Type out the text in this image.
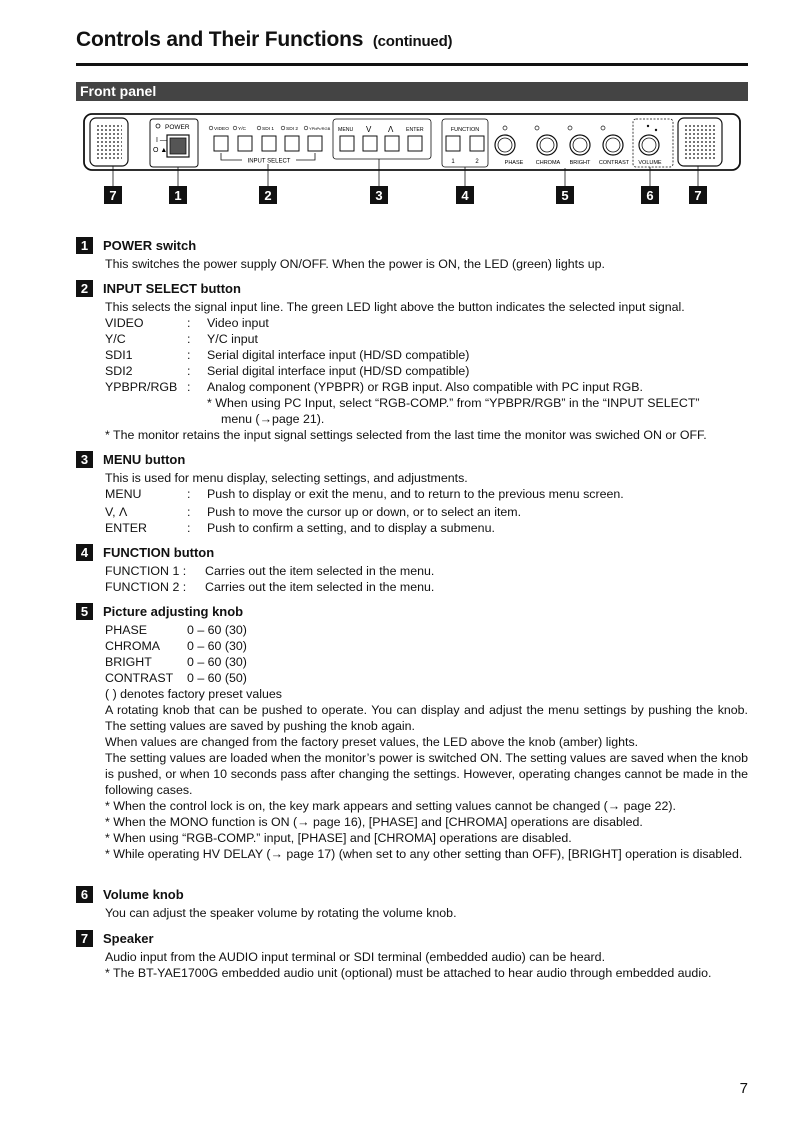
Controls and Their Functions (continued)
Front panel
POWER
I —
O ▲
VIDEO Y/C	SDI 1	SDI 2	YPbPr/RGB
INPUT SELECT
MENU V Λ ENTER	FUNCTION
1	2	PHASE CHROMA BRIGHT CONTRAST VOLUME
7	1	2	3	4	5	6	7
1 POWER switch
This switches the power supply ON/OFF. When the power is ON, the LED (green) lights up.
2 INPUT SELECT button
This selects the signal input line. The green LED light above the button indicates the selected input signal.
VIDEO	:	Video input
Y/C	:	Y/C input
SDI1	:	Serial digital interface input (HD/SD compatible)
SDI2	:	Serial digital interface input (HD/SD compatible)
YPBPR/RGB :	Analog component (YPBPR) or RGB input. Also compatible with PC input RGB.
* When using PC Input, select “RGB-COMP.” from “YPBPR/RGB” in the “INPUT SELECT”
menu (→page 21).
* The monitor retains the input signal settings selected from the last time the monitor was swiched ON or OFF.
3 MENU button
This is used for menu display, selecting settings, and adjustments.
MENU	:	Push to display or exit the menu, and to return to the previous menu screen.
V, Λ	:	Push to move the cursor up or down, or to select an item.
ENTER	:	Push to confirm a setting, and to display a submenu.
4 FUNCTION button
FUNCTION 1 :	Carries out the item selected in the menu.
FUNCTION 2 :	Carries out the item selected in the menu.
5 Picture adjusting knob
PHASE	0 – 60 (30)
CHROMA	0 – 60 (30)
BRIGHT	0 – 60 (30)
CONTRAST	0 – 60 (50)
( ) denotes factory preset values
A rotating knob that can be pushed to operate. You can display and adjust the menu settings by pushing the knob. The setting values are saved by pushing the knob again.
When values are changed from the factory preset values, the LED above the knob (amber) lights.
The setting values are loaded when the monitor’s power is switched ON. The setting values are saved when the knob is pushed, or when 10 seconds pass after changing the settings. However, operating changes cannot be made in the following cases.
* When the control lock is on, the key mark appears and setting values cannot be changed (→ page 22).
* When the MONO function is ON (→ page 16), [PHASE] and [CHROMA] operations are disabled.
* When using “RGB-COMP.” input, [PHASE] and [CHROMA] operations are disabled.
* While operating HV DELAY (→ page 17) (when set to any other setting than OFF), [BRIGHT] operation is disabled.
6 Volume knob
You can adjust the speaker volume by rotating the volume knob.
7 Speaker
Audio input from the AUDIO input terminal or SDI terminal (embedded audio) can be heard.
* The BT-YAE1700G embedded audio unit (optional) must be attached to hear audio through embedded audio.
7
